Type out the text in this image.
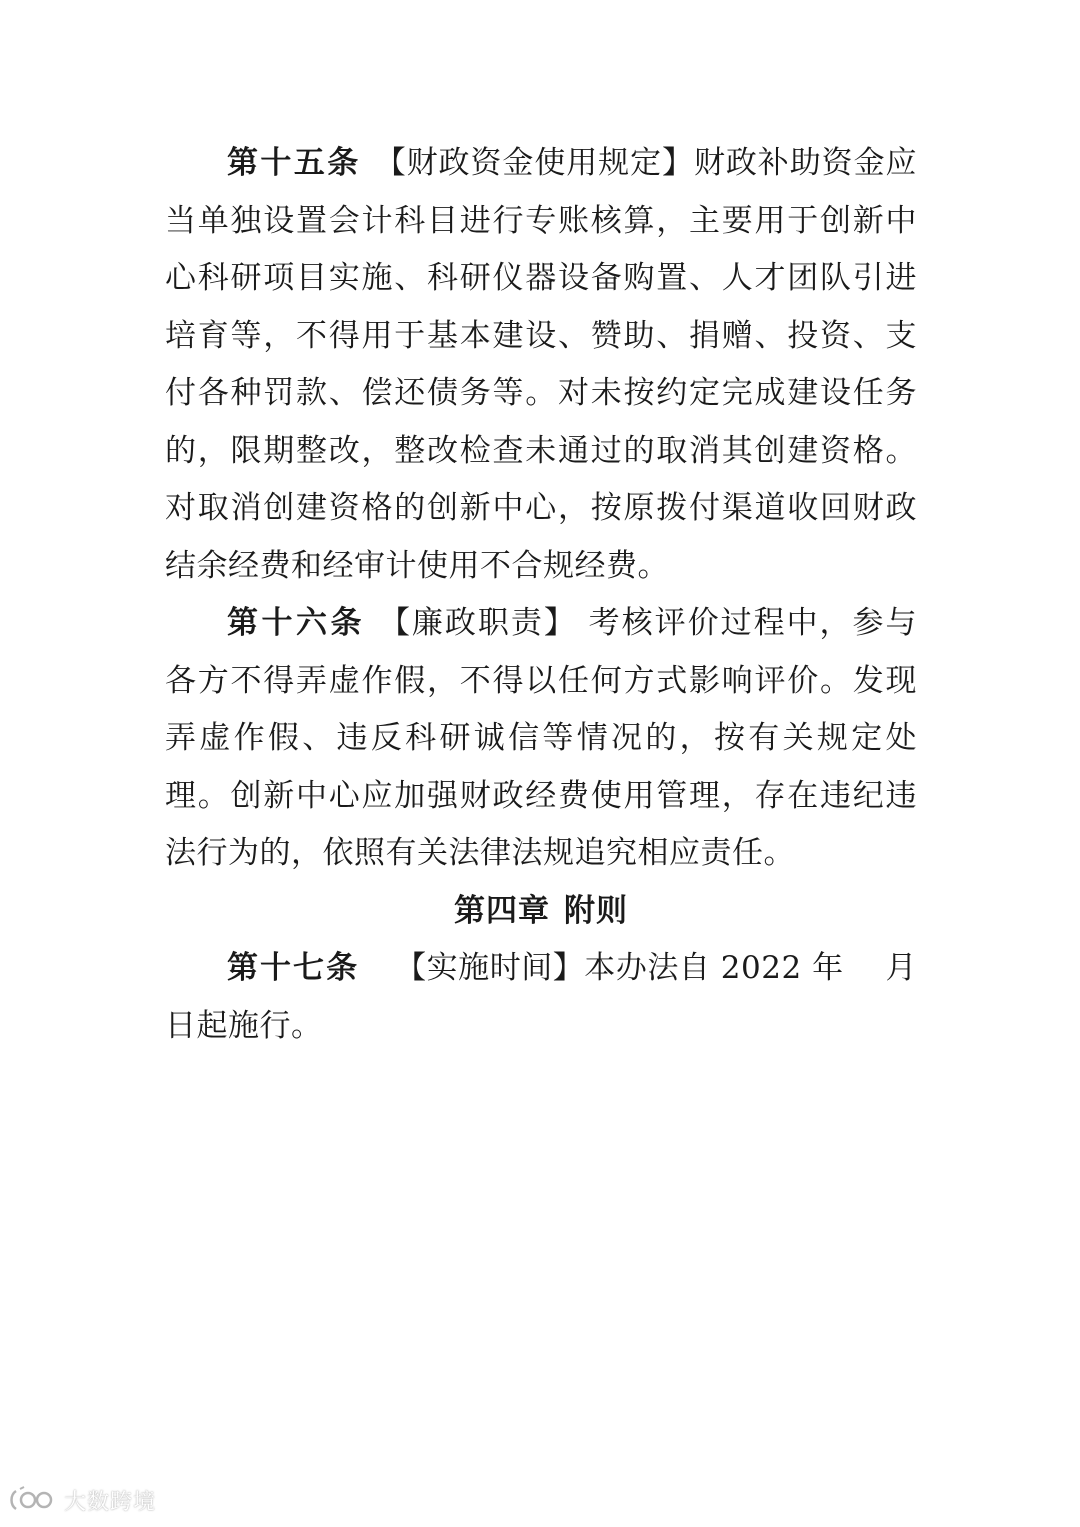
第十五条 【财政资金使用规定】财政补助资金应当单独设置会计科目进行专账核算，主要用于创新中心科研项目实施、科研仪器设备购置、人才团队引进培育等，不得用于基本建设、赞助、捐赠、投资、支付各种罚款、偿还债务等。对未按约定完成建设任务的，限期整改，整改检查未通过的取消其创建资格。对取消创建资格的创新中心，按原拨付渠道收回财政结余经费和经审计使用不合规经费。

第十六条 【廉政职责】 考核评价过程中，参与各方不得弄虚作假，不得以任何方式影响评价。发现弄虚作假、违反科研诚信等情况的，按有关规定处理。创新中心应加强财政经费使用管理，存在违纪违法行为的，依照有关法律法规追究相应责任。

第四章 附则

第十七条 【实施时间】本办法自 2022 年　 月　 日起施行。

大数跨境
